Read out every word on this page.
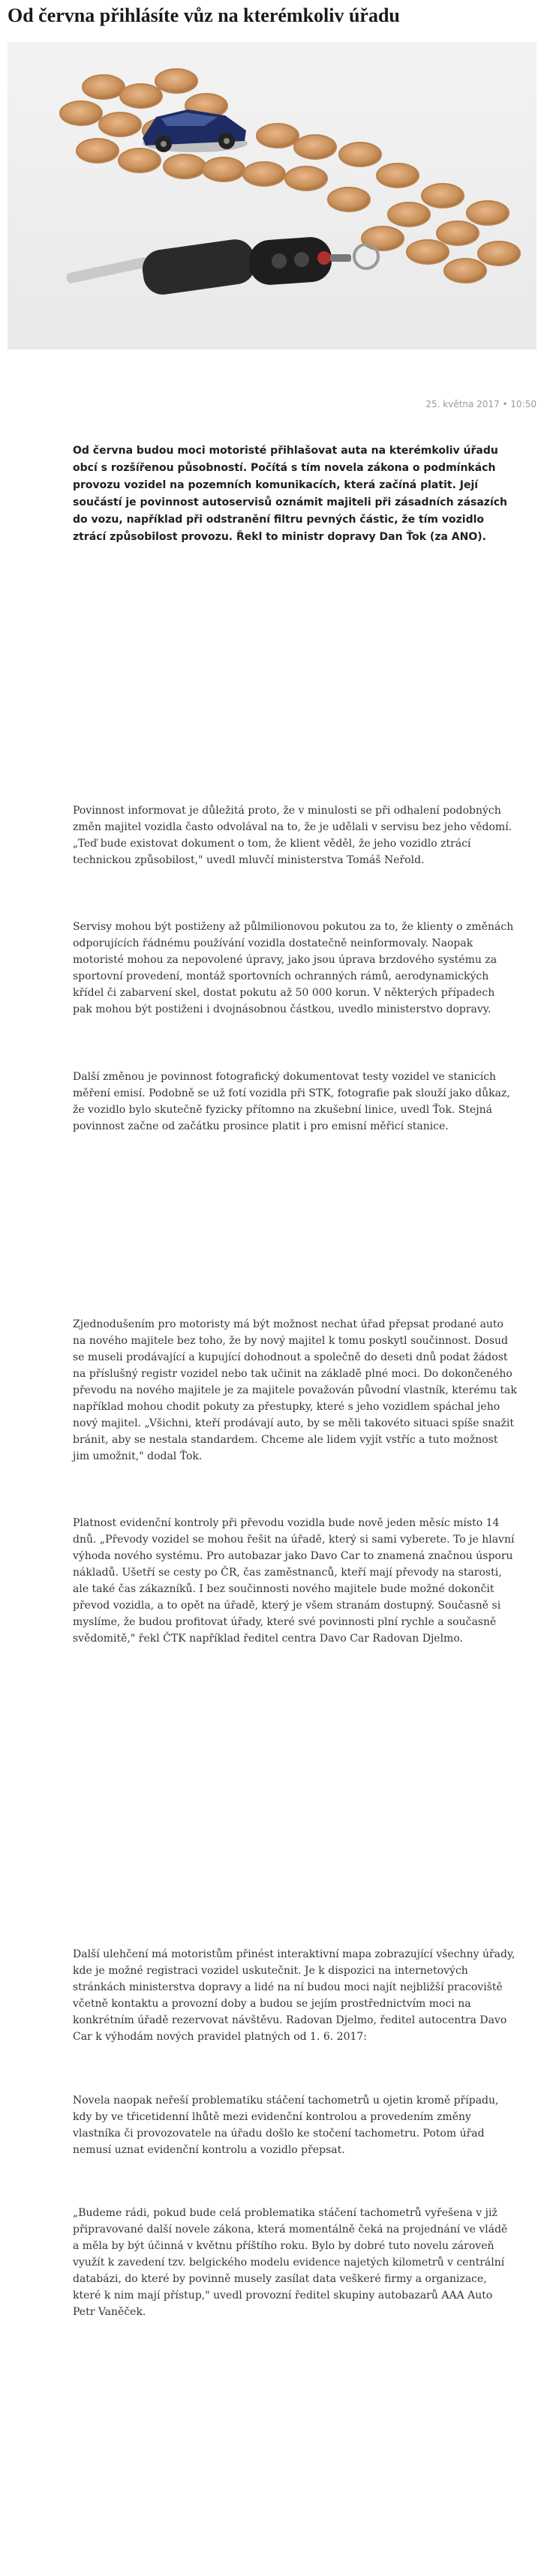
Od června přihlásíte vůz na kterémkoliv úřadu
25. května 2017 • 10:50

Od června budou moci motoristé přihlašovat auta na kterémkoliv úřadu obcí s rozšířenou působností. Počítá s tím novela zákona o podmínkách provozu vozidel na pozemních komunikacích, která začíná platit. Její součástí je povinnost autoservisů oznámit majiteli při zásadních zásazích do vozu, například při odstranění filtru pevných částic, že tím vozidlo ztrácí způsobilost provozu. Řekl to ministr dopravy Dan Ťok (za ANO).

Povinnost informovat je důležitá proto, že v minulosti se při odhalení podobných změn majitel vozidla často odvolával na to, že je udělali v servisu bez jeho vědomí. „Teď bude existovat dokument o tom, že klient věděl, že jeho vozidlo ztrácí technickou způsobilost," uvedl mluvčí ministerstva Tomáš Neřold.

Servisy mohou být postiženy až půlmilionovou pokutou za to, že klienty o změnách odporujících řádnému používání vozidla dostatečně neinformovaly. Naopak motoristé mohou za nepovolené úpravy, jako jsou úprava brzdového systému za sportovní provedení, montáž sportovních ochranných rámů, aerodynamických křídel či zabarvení skel, dostat pokutu až 50 000 korun. V některých případech pak mohou být postiženi i dvojnásobnou částkou, uvedlo ministerstvo dopravy.

Další změnou je povinnost fotografický dokumentovat testy vozidel ve stanicích měření emisí. Podobně se už fotí vozidla při STK, fotografie pak slouží jako důkaz, že vozidlo bylo skutečně fyzicky přítomno na zkušební linice, uvedl Ťok. Stejná povinnost začne od začátku prosince platit i pro emisní měřicí stanice.

Zjednodušením pro motoristy má být možnost nechat úřad přepsat prodané auto na nového majitele bez toho, že by nový majitel k tomu poskytl součinnost. Dosud se museli prodávající a kupující dohodnout a společně do deseti dnů podat žádost na příslušný registr vozidel nebo tak učinit na základě plné moci. Do dokončeného převodu na nového majitele je za majitele považován původní vlastník, kterému tak například mohou chodit pokuty za přestupky, které s jeho vozidlem spáchal jeho nový majitel. „Všichni, kteří prodávají auto, by se měli takovéto situaci spíše snažit bránit, aby se nestala standardem. Chceme ale lidem vyjít vstříc a tuto možnost jim umožnit," dodal Ťok.

Platnost evidenční kontroly při převodu vozidla bude nově jeden měsíc místo 14 dnů. „Převody vozidel se mohou řešit na úřadě, který si sami vyberete. To je hlavní výhoda nového systému. Pro autobazar jako Davo Car to znamená značnou úsporu nákladů. Ušetří se cesty po ČR, čas zaměstnanců, kteří mají převody na starosti, ale také čas zákazníků. I bez součinnosti nového majitele bude možné dokončit převod vozidla, a to opět na úřadě, který je všem stranám dostupný. Současně si myslíme, že budou profitovat úřady, které své povinnosti plní rychle a současně svědomitě," řekl ČTK například ředitel centra Davo Car Radovan Djelmo.

Další ulehčení má motoristům přinést interaktivní mapa zobrazující všechny úřady, kde je možné registraci vozidel uskutečnit. Je k dispozici na internetových stránkách ministerstva dopravy a lidé na ní budou moci najít nejbližší pracoviště včetně kontaktu a provozní doby a budou se jejím prostřednictvím moci na konkrétním úřadě rezervovat návštěvu. Radovan Djelmo, ředitel autocentra Davo Car k výhodám nových pravidel platných od 1. 6. 2017:

Novela naopak neřeší problematiku stáčení tachometrů u ojetin kromě případu, kdy by ve třicetidenní lhůtě mezi evidenční kontrolou a provedením změny vlastníka či provozovatele na úřadu došlo ke stočení tachometru. Potom úřad nemusí uznat evidenční kontrolu a vozidlo přepsat.

„Budeme rádi, pokud bude celá problematika stáčení tachometrů vyřešena v již připravované další novele zákona, která momentálně čeká na projednání ve vládě a měla by být účinná v květnu příštího roku. Bylo by dobré tuto novelu zároveň využít k zavedení tzv. belgického modelu evidence najetých kilometrů v centrální databázi, do které by povinně musely zasílat data veškeré firmy a organizace, které k nim mají přístup," uvedl provozní ředitel skupiny autobazarů AAA Auto Petr Vaněček.
